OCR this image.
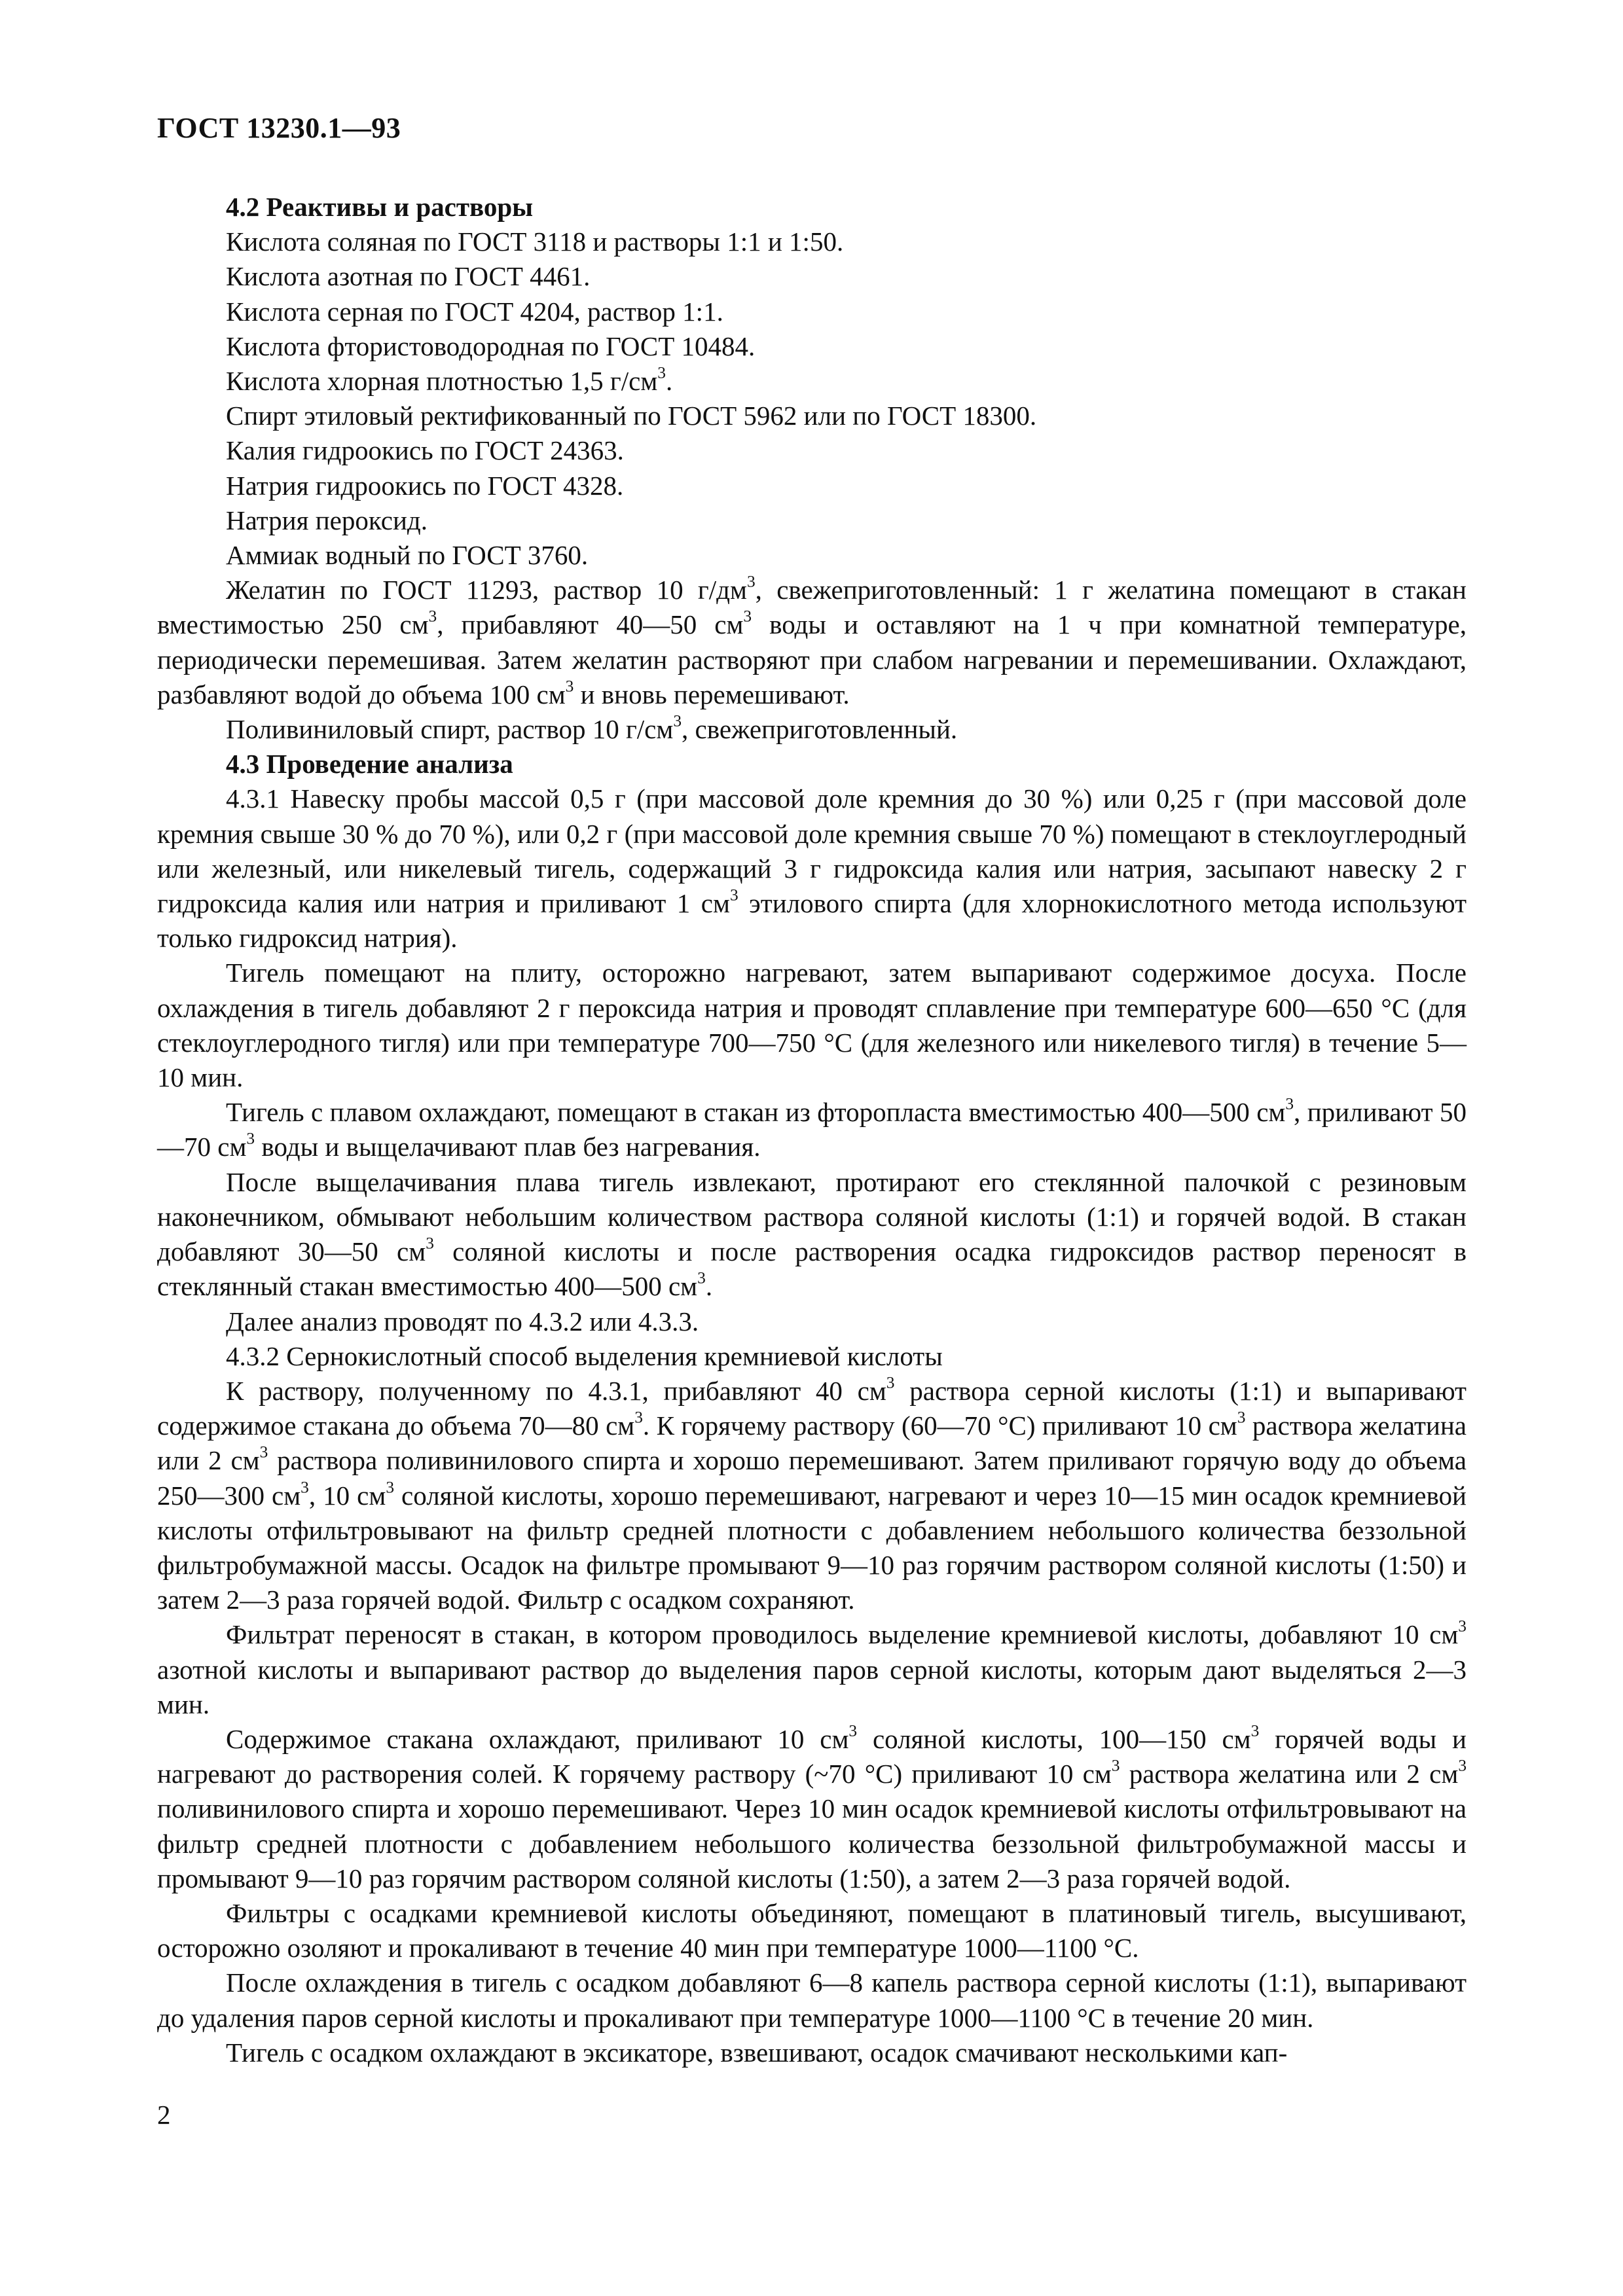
ГОСТ 13230.1—93

4.2 Реактивы и растворы

Кислота соляная по ГОСТ 3118 и растворы 1:1 и 1:50.

Кислота азотная по ГОСТ 4461.

Кислота серная по ГОСТ 4204, раствор 1:1.

Кислота фтористоводородная по ГОСТ 10484.

Кислота хлорная плотностью 1,5 $г/см^3$.

Спирт этиловый ректификованный по ГОСТ 5962 или по ГОСТ 18300.

Калия гидроокись по ГОСТ 24363.

Натрия гидроокись по ГОСТ 4328.

Натрия пероксид.

Аммиак водный по ГОСТ 3760.

Желатин по ГОСТ 11293, раствор 10 $г/дм^3$, свежеприготовленный: 1 г желатина помещают в стакан вместимостью 250 $см^3$, прибавляют 40—50 $см^3$ воды и оставляют на 1 ч при комнатной температуре, периодически перемешивая. Затем желатин растворяют при слабом нагревании и перемешивании. Охлаждают, разбавляют водой до объема 100 $см^3$ и вновь перемешивают.

Поливиниловый спирт, раствор 10 $г/см^3$, свежеприготовленный.

4.3 Проведение анализа

4.3.1 Навеску пробы массой 0,5 г (при массовой доле кремния до 30 %) или 0,25 г (при массовой доле кремния свыше 30 % до 70 %), или 0,2 г (при массовой доле кремния свыше 70 %) помещают в стеклоуглеродный или железный, или никелевый тигель, содержащий 3 г гидроксида калия или натрия, засыпают навеску 2 г гидроксида калия или натрия и приливают 1 $см^3$ этилового спирта (для хлорнокислотного метода используют только гидроксид натрия).

Тигель помещают на плиту, осторожно нагревают, затем выпаривают содержимое досуха. После охлаждения в тигель добавляют 2 г пероксида натрия и проводят сплавление при температуре 600—650 °С (для стеклоуглеродного тигля) или при температуре 700—750 °С (для железного или никелевого тигля) в течение 5—10 мин.

Тигель с плавом охлаждают, помещают в стакан из фторопласта вместимостью 400—500 $см^3$, приливают 50—70 $см^3$ воды и выщелачивают плав без нагревания.

После выщелачивания плава тигель извлекают, протирают его стеклянной палочкой с резиновым наконечником, обмывают небольшим количеством раствора соляной кислоты (1:1) и горячей водой. В стакан добавляют 30—50 $см^3$ соляной кислоты и после растворения осадка гидроксидов раствор переносят в стеклянный стакан вместимостью 400—500 $см^3$.

Далее анализ проводят по 4.3.2 или 4.3.3.

4.3.2 Сернокислотный способ выделения кремниевой кислоты

К раствору, полученному по 4.3.1, прибавляют 40 $см^3$ раствора серной кислоты (1:1) и выпаривают содержимое стакана до объема 70—80 $см^3$. К горячему раствору (60—70 °С) приливают 10 $см^3$ раствора желатина или 2 $см^3$ раствора поливинилового спирта и хорошо перемешивают. Затем приливают горячую воду до объема 250—300 $см^3$, 10 $см^3$ соляной кислоты, хорошо перемешивают, нагревают и через 10—15 мин осадок кремниевой кислоты отфильтровывают на фильтр средней плотности с добавлением небольшого количества беззольной фильтробумажной массы. Осадок на фильтре промывают 9—10 раз горячим раствором соляной кислоты (1:50) и затем 2—3 раза горячей водой. Фильтр с осадком сохраняют.

Фильтрат переносят в стакан, в котором проводилось выделение кремниевой кислоты, добавляют 10 $см^3$ азотной кислоты и выпаривают раствор до выделения паров серной кислоты, которым дают выделяться 2—3 мин.

Содержимое стакана охлаждают, приливают 10 $см^3$ соляной кислоты, 100—150 $см^3$ горячей воды и нагревают до растворения солей. К горячему раствору (~70 °С) приливают 10 $см^3$ раствора желатина или 2 $см^3$ поливинилового спирта и хорошо перемешивают. Через 10 мин осадок кремниевой кислоты отфильтровывают на фильтр средней плотности с добавлением небольшого количества беззольной фильтробумажной массы и промывают 9—10 раз горячим раствором соляной кислоты (1:50), а затем 2—3 раза горячей водой.

Фильтры с осадками кремниевой кислоты объединяют, помещают в платиновый тигель, высушивают, осторожно озоляют и прокаливают в течение 40 мин при температуре 1000—1100 °С.

После охлаждения в тигель с осадком добавляют 6—8 капель раствора серной кислоты (1:1), выпаривают до удаления паров серной кислоты и прокаливают при температуре 1000—1100 °С в течение 20 мин.

Тигель с осадком охлаждают в эксикаторе, взвешивают, осадок смачивают несколькими кап-

2
